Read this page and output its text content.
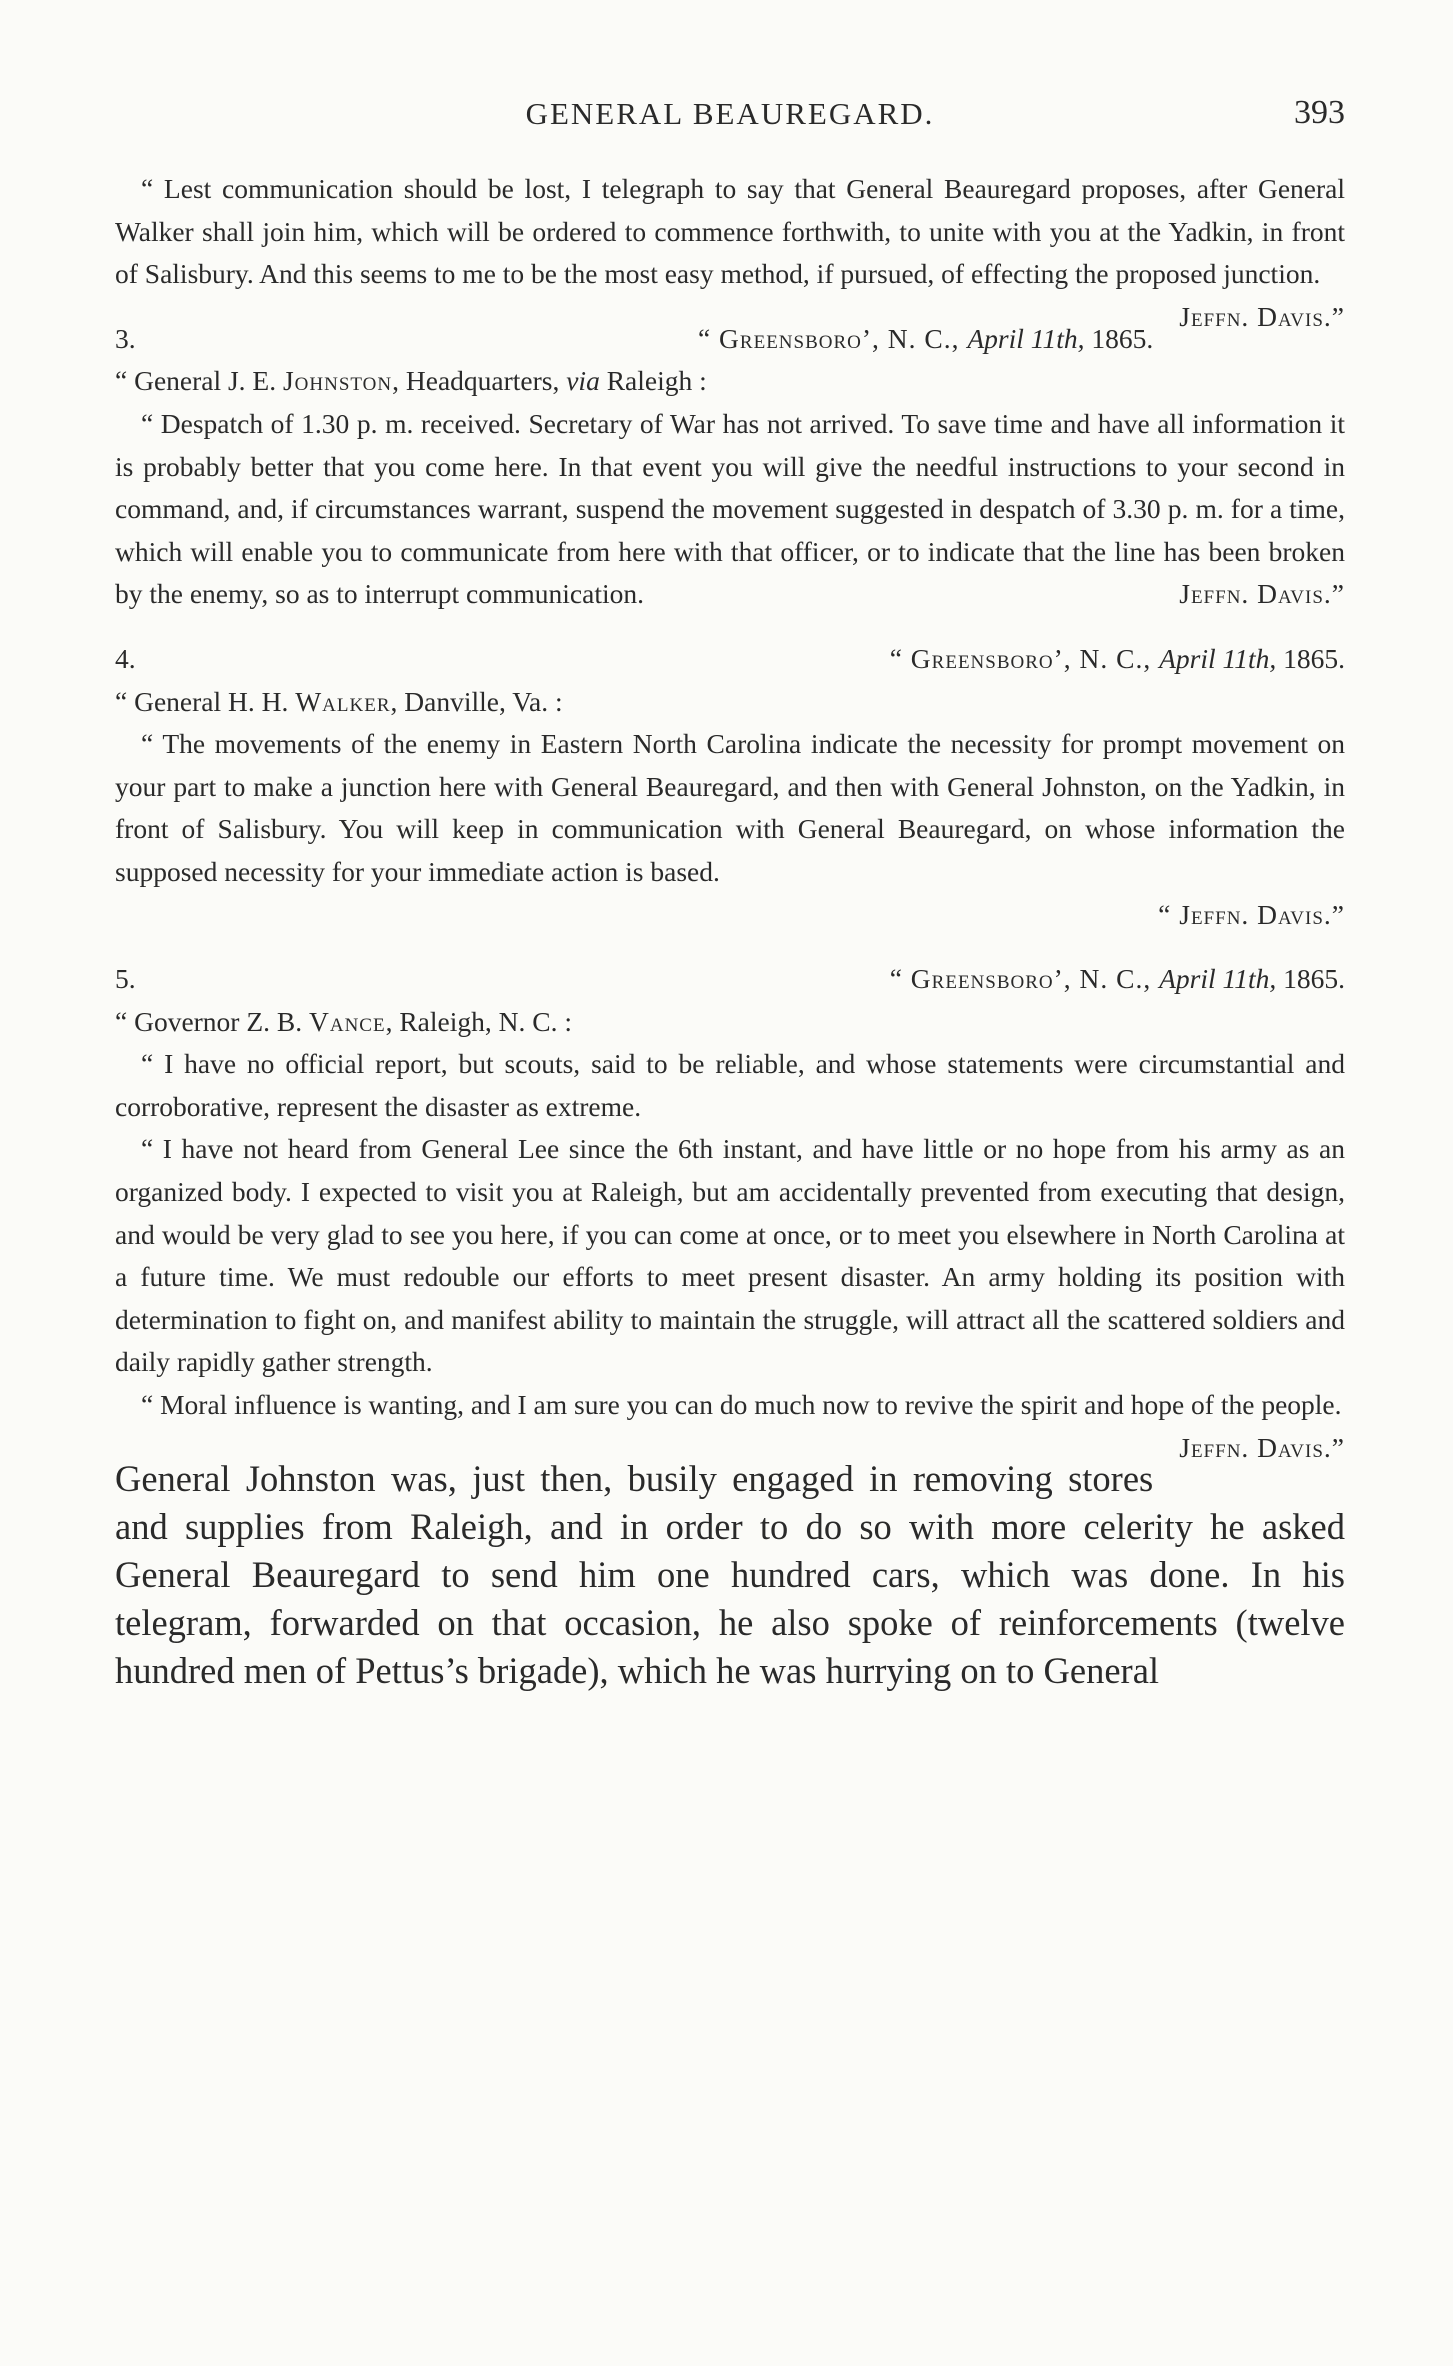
GENERAL BEAUREGARD.	393

“ Lest communication should be lost, I telegraph to say that General Beauregard proposes, after General Walker shall join him, which will be ordered to commence forthwith, to unite with you at the Yadkin, in front of Salisbury. And this seems to me to be the most easy method, if pursued, of effecting the proposed junction.
Jeffn. Davis.”

3.	“ Greensboro’, N. C., April 11th, 1865.

“ General J. E. Johnston, Headquarters, via Raleigh :

“ Despatch of 1.30 p. m. received. Secretary of War has not arrived. To save time and have all information it is probably better that you come here. In that event you will give the needful instructions to your second in command, and, if circumstances warrant, suspend the movement suggested in despatch of 3.30 p. m. for a time, which will enable you to communicate from here with that officer, or to indicate that the line has been broken by the enemy, so as to interrupt communication.	Jeffn. Davis.”

4.	“ Greensboro’, N. C., April 11th, 1865.

“ General H. H. Walker, Danville, Va. :

“ The movements of the enemy in Eastern North Carolina indicate the necessity for prompt movement on your part to make a junction here with General Beauregard, and then with General Johnston, on the Yadkin, in front of Salisbury. You will keep in communication with General Beauregard, on whose information the supposed necessity for your immediate action is based.

“ Jeffn. Davis.”

5.	“ Greensboro’, N. C., April 11th, 1865.

“ Governor Z. B. Vance, Raleigh, N. C. :

“ I have no official report, but scouts, said to be reliable, and whose statements were circumstantial and corroborative, represent the disaster as extreme.

“ I have not heard from General Lee since the 6th instant, and have little or no hope from his army as an organized body. I expected to visit you at Raleigh, but am accidentally prevented from executing that design, and would be very glad to see you here, if you can come at once, or to meet you elsewhere in North Carolina at a future time. We must redouble our efforts to meet present disaster. An army holding its position with determination to fight on, and manifest ability to maintain the struggle, will attract all the scattered soldiers and daily rapidly gather strength.

“ Moral influence is wanting, and I am sure you can do much now to revive the spirit and hope of the people.
Jeffn. Davis.”

General Johnston was, just then, busily engaged in removing stores and supplies from Raleigh, and in order to do so with more celerity he asked General Beauregard to send him one hundred cars, which was done. In his telegram, forwarded on that occasion, he also spoke of reinforcements (twelve hundred men of Pettus’s brigade), which he was hurrying on to General
